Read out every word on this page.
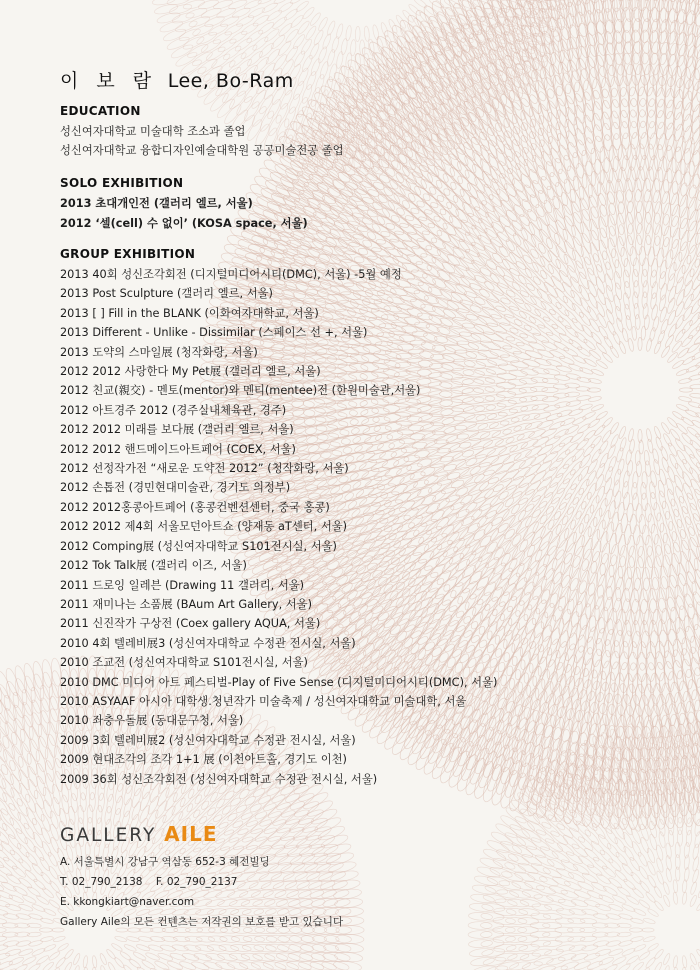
이 보 람 Lee, Bo-Ram
EDUCATION
성신여자대학교 미술대학 조소과 졸업
성신여자대학교 융합디자인예술대학원 공공미술전공 졸업
SOLO EXHIBITION
2013 초대개인전 (갤러리 엘르, 서울)
2012 ‘셀(cell) 수 없이’ (KOSA space, 서울)
GROUP EXHIBITION
2013 40회 성신조각회전 (디지털미디어시티(DMC), 서울) -5월 예정
2013 Post Sculpture (갤러리 엘르, 서울)
2013 [ ] Fill in the BLANK (이화여자대학교, 서울)
2013 Different - Unlike - Dissimilar (스페이스 선 +, 서울)
2013 도약의 스마일展 (청작화랑, 서울)
2012 2012 사랑한다 My Pet展 (갤러리 엘르, 서울)
2012 친교(親交) - 멘토(mentor)와 멘티(mentee)전 (한원미술관,서울)
2012 아트경주 2012 (경주실내체육관, 경주)
2012 2012 미래를 보다展 (갤러리 엘르, 서울)
2012 2012 핸드메이드아트페어 (COEX, 서울)
2012 선정작가전 “새로운 도약전 2012” (청작화랑, 서울)
2012 손톱전 (경민현대미술관, 경기도 의정부)
2012 2012홍콩아트페어 (홍콩컨벤션센터, 중국 홍콩)
2012 2012 제4회 서울모던아트쇼 (양재동 aT센터, 서울)
2012 Comping展 (성신여자대학교 S101전시실, 서울)
2012 Tok Talk展 (갤러리 이즈, 서울)
2011 드로잉 일레븐 (Drawing 11 갤러리, 서울)
2011 재미나는 소품展 (BAum Art Gallery, 서울)
2011 신진작가 구상전 (Coex gallery AQUA, 서울)
2010 4회 텔레비展3 (성신여자대학교 수정관 전시실, 서울)
2010 조교전 (성신여자대학교 S101전시실, 서울)
2010 DMC 미디어 아트 페스티벌-Play of Five Sense (디지털미디어시티(DMC), 서울)
2010 ASYAAF 아시아 대학생.청년작가 미술축제 / 성신여자대학교 미술대학, 서울
2010 좌충우돌展 (동대문구청, 서울)
2009 3회 텔레비展2 (성신여자대학교 수정관 전시실, 서울)
2009 현대조각의 조각 1+1 展 (이천아트홀, 경기도 이천)
2009 36회 성신조각회전 (성신여자대학교 수정관 전시실, 서울)
GALLERY AILE
A. 서울특별시 강남구 역삼동 652-3 혜전빌딩
T. 02_790_2138    F. 02_790_2137
E. kkongkiart@naver.com
Gallery Aile의 모든 컨텐츠는 저작권의 보호를 받고 있습니다
